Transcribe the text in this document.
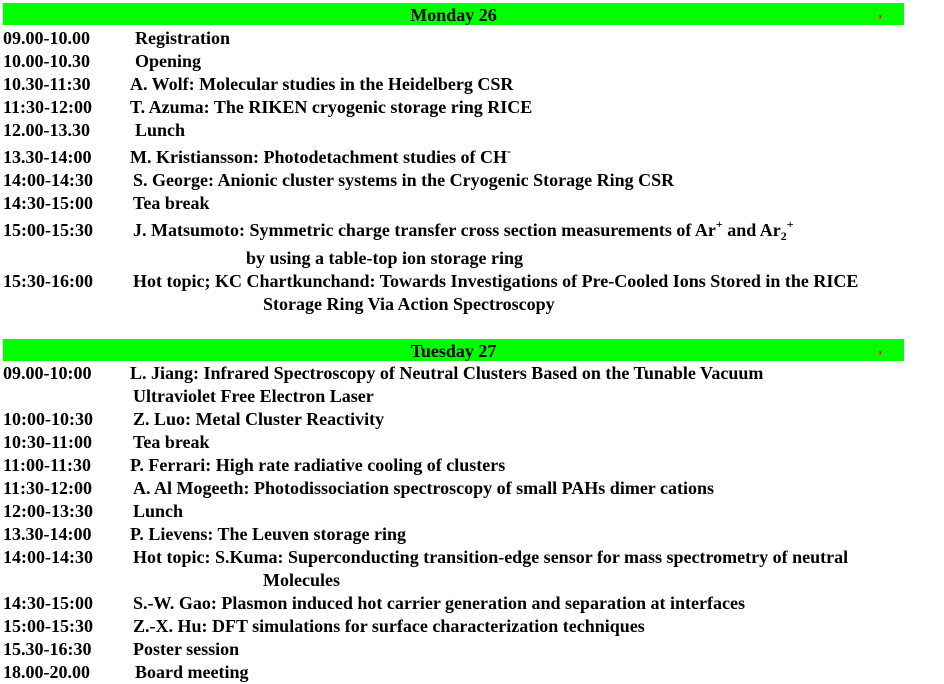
Monday 26	,
09.00-10.00	Registration
10.00-10.30	Opening
10.30-11:30 A. Wolf: Molecular studies in the Heidelberg CSR
11:30-12:00 T. Azuma: The RIKEN cryogenic storage ring RICE
12.00-13.30	Lunch
13.30-14:00 M. Kristiansson: Photodetachment studies of CH-
14:00-14:30 S. George: Anionic cluster systems in the Cryogenic Storage Ring CSR
14:30-15:00 Tea break
15:00-15:30 J. Matsumoto: Symmetric charge transfer cross section measurements of Ar+ and $Ar_2^+$
by using a table-top ion storage ring
15:30-16:00 Hot topic; KC Chartkunchand: Towards Investigations of Pre-Cooled Ions Stored in the RICE
Storage Ring Via Action Spectroscopy
Tuesday 27	,
09.00-10:00 L. Jiang: Infrared Spectroscopy of Neutral Clusters Based on the Tunable Vacuum
Ultraviolet Free Electron Laser
10:00-10:30 Z. Luo: Metal Cluster Reactivity
10:30-11:00 Tea break
11:00-11:30 P. Ferrari: High rate radiative cooling of clusters
11:30-12:00 A. Al Mogeeth: Photodissociation spectroscopy of small PAHs dimer cations
12:00-13:30 Lunch
13.30-14:00 P. Lievens: The Leuven storage ring
14:00-14:30 Hot topic: S.Kuma: Superconducting transition-edge sensor for mass spectrometry of neutral
Molecules
14:30-15:00 S.-W. Gao: Plasmon induced hot carrier generation and separation at interfaces
15:00-15:30 Z.-X. Hu: DFT simulations for surface characterization techniques
15.30-16:30 Poster session
18.00-20.00	Board meeting
